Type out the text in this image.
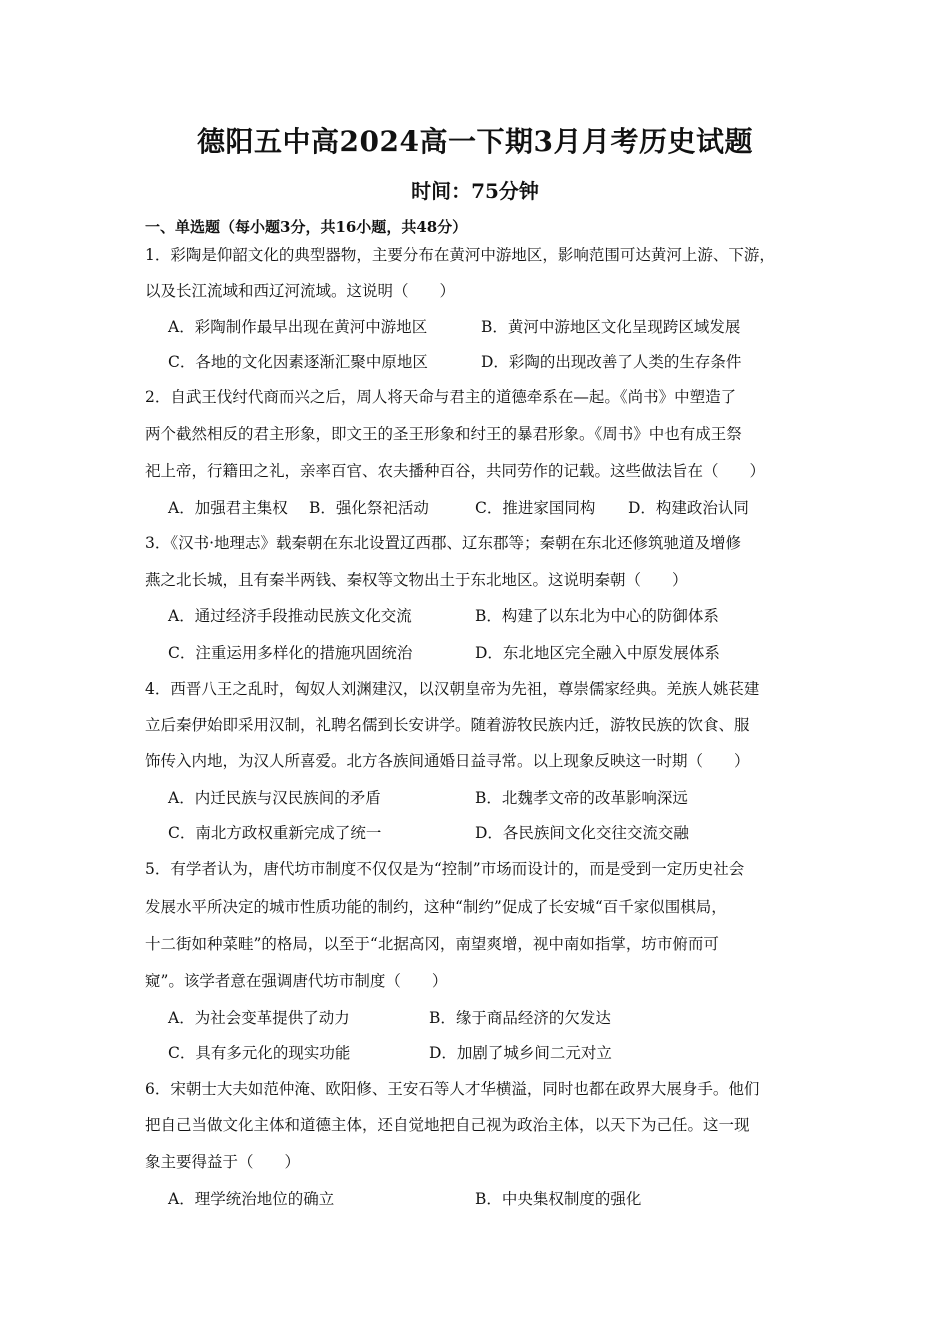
德阳五中高2024高一下期3月月考历史试题
时间：75分钟
一、单选题（每小题3分，共16小题，共48分）
1．彩陶是仰韶文化的典型器物，主要分布在黄河中游地区，影响范围可达黄河上游、下游，
以及长江流域和西辽河流域。这说明（　　）
A．彩陶制作最早出现在黄河中游地区	B．黄河中游地区文化呈现跨区域发展
C．各地的文化因素逐渐汇聚中原地区	D．彩陶的出现改善了人类的生存条件
2．自武王伐纣代商而兴之后，周人将天命与君主的道德牵系在—起。《尚书》中塑造了
两个截然相反的君主形象，即文王的圣王形象和纣王的暴君形象。《周书》中也有成王祭
祀上帝，行籍田之礼，亲率百官、农夫播种百谷，共同劳作的记载。这些做法旨在（　　）
A．加强君主集权 B．强化祭祀活动	C．推进家国同构 D．构建政治认同
3．《汉书·地理志》载秦朝在东北设置辽西郡、辽东郡等；秦朝在东北还修筑驰道及增修
燕之北长城，且有秦半两钱、秦权等文物出土于东北地区。这说明秦朝（　　）
A．通过经济手段推动民族文化交流	B．构建了以东北为中心的防御体系
C．注重运用多样化的措施巩固统治	D．东北地区完全融入中原发展体系
4．西晋八王之乱时，匈奴人刘渊建汉，以汉朝皇帝为先祖，尊崇儒家经典。羌族人姚苌建
立后秦伊始即采用汉制，礼聘名儒到长安讲学。随着游牧民族内迁，游牧民族的饮食、服
饰传入内地，为汉人所喜爱。北方各族间通婚日益寻常。以上现象反映这一时期（　　）
A．内迁民族与汉民族间的矛盾	B．北魏孝文帝的改革影响深远
C．南北方政权重新完成了统一	D．各民族间文化交往交流交融
5．有学者认为，唐代坊市制度不仅仅是为“控制”市场而设计的，而是受到一定历史社会
发展水平所决定的城市性质功能的制约，这种“制约”促成了长安城“百千家似围棋局，
十二街如种菜畦”的格局，以至于“北据高冈，南望爽增，视中南如指掌，坊市俯而可
窥”。该学者意在强调唐代坊市制度（　　）
A．为社会变革提供了动力	B．缘于商品经济的欠发达
C．具有多元化的现实功能	D．加剧了城乡间二元对立
6．宋朝士大夫如范仲淹、欧阳修、王安石等人才华横溢，同时也都在政界大展身手。他们
把自己当做文化主体和道德主体，还自觉地把自己视为政治主体，以天下为己任。这一现
象主要得益于（　　）
A．理学统治地位的确立	B．中央集权制度的强化
